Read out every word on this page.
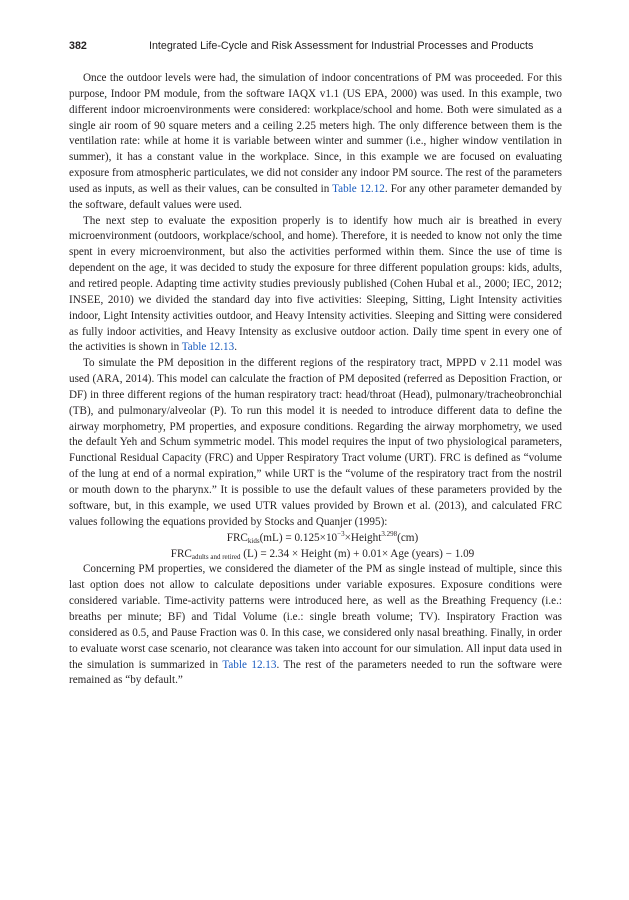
382	Integrated Life-Cycle and Risk Assessment for Industrial Processes and Products

Once the outdoor levels were had, the simulation of indoor concentrations of PM was proceeded. For this purpose, Indoor PM module, from the software IAQX v1.1 (US EPA, 2000) was used. In this example, two different indoor microenvironments were considered: workplace/school and home. Both were simulated as a single air room of 90 square meters and a ceiling 2.25 meters high. The only difference between them is the ventilation rate: while at home it is variable between winter and summer (i.e., higher window ventilation in summer), it has a constant value in the workplace. Since, in this example we are focused on evaluating exposure from atmospheric particulates, we did not consider any indoor PM source. The rest of the parameters used as inputs, as well as their values, can be consulted in Table 12.12. For any other parameter demanded by the software, default values were used.

The next step to evaluate the exposition properly is to identify how much air is breathed in every microenvironment (outdoors, workplace/school, and home). Therefore, it is needed to know not only the time spent in every microenvironment, but also the activities performed within them. Since the use of time is dependent on the age, it was decided to study the exposure for three different population groups: kids, adults, and retired people. Adapting time activity studies previously published (Cohen Hubal et al., 2000; IEC, 2012; INSEE, 2010) we divided the standard day into five activities: Sleeping, Sitting, Light Intensity activities indoor, Light Intensity activities outdoor, and Heavy Intensity activities. Sleeping and Sitting were considered as fully indoor activities, and Heavy Intensity as exclusive outdoor action. Daily time spent in every one of the activities is shown in Table 12.13.

To simulate the PM deposition in the different regions of the respiratory tract, MPPD v 2.11 model was used (ARA, 2014). This model can calculate the fraction of PM deposited (referred as Deposition Fraction, or DF) in three different regions of the human respiratory tract: head/​throat (Head), pulmonary/tracheobronchial (TB), and pulmonary/alveolar (P). To run this model it is needed to introduce different data to define the airway morphometry, PM properties, and exposure conditions. Regarding the airway morphometry, we used the default Yeh and Schum symmetric model. This model requires the input of two physiological parameters, Functional Residual Capacity (FRC) and Upper Respiratory Tract volume (URT). FRC is defined as “volume of the lung at end of a normal expiration,” while URT is the “volume of the respiratory tract from the nostril or mouth down to the pharynx.” It is possible to use the default values of these parameters provided by the software, but, in this example, we used UTR values provided by Brown et al. (2013), and calculated FRC values following the equations provided by Stocks and Quanjer (1995):

$FRC_{kids}(mL)$ = $0.125\times 10^{-3}\times Height^{3.298}(cm)$

$FRC_{adults and retired}$ (L) = 2.34 × Height (m) + 0.01× Age (years) − 1.09

Concerning PM properties, we considered the diameter of the PM as single instead of multiple, since this last option does not allow to calculate depositions under variable exposures. Exposure conditions were considered variable. Time-activity patterns were introduced here, as well as the Breathing Frequency (i.e.: breaths per minute; BF) and Tidal Volume (i.e.: single breath volume; TV). Inspiratory Fraction was considered as 0.5, and Pause Fraction was 0. In this case, we considered only nasal breathing. Finally, in order to evaluate worst case scenario, not clearance was taken into account for our simulation. All input data used in the simulation is summarized in Table 12.13. The rest of the parameters needed to run the software were remained as “by default.”
